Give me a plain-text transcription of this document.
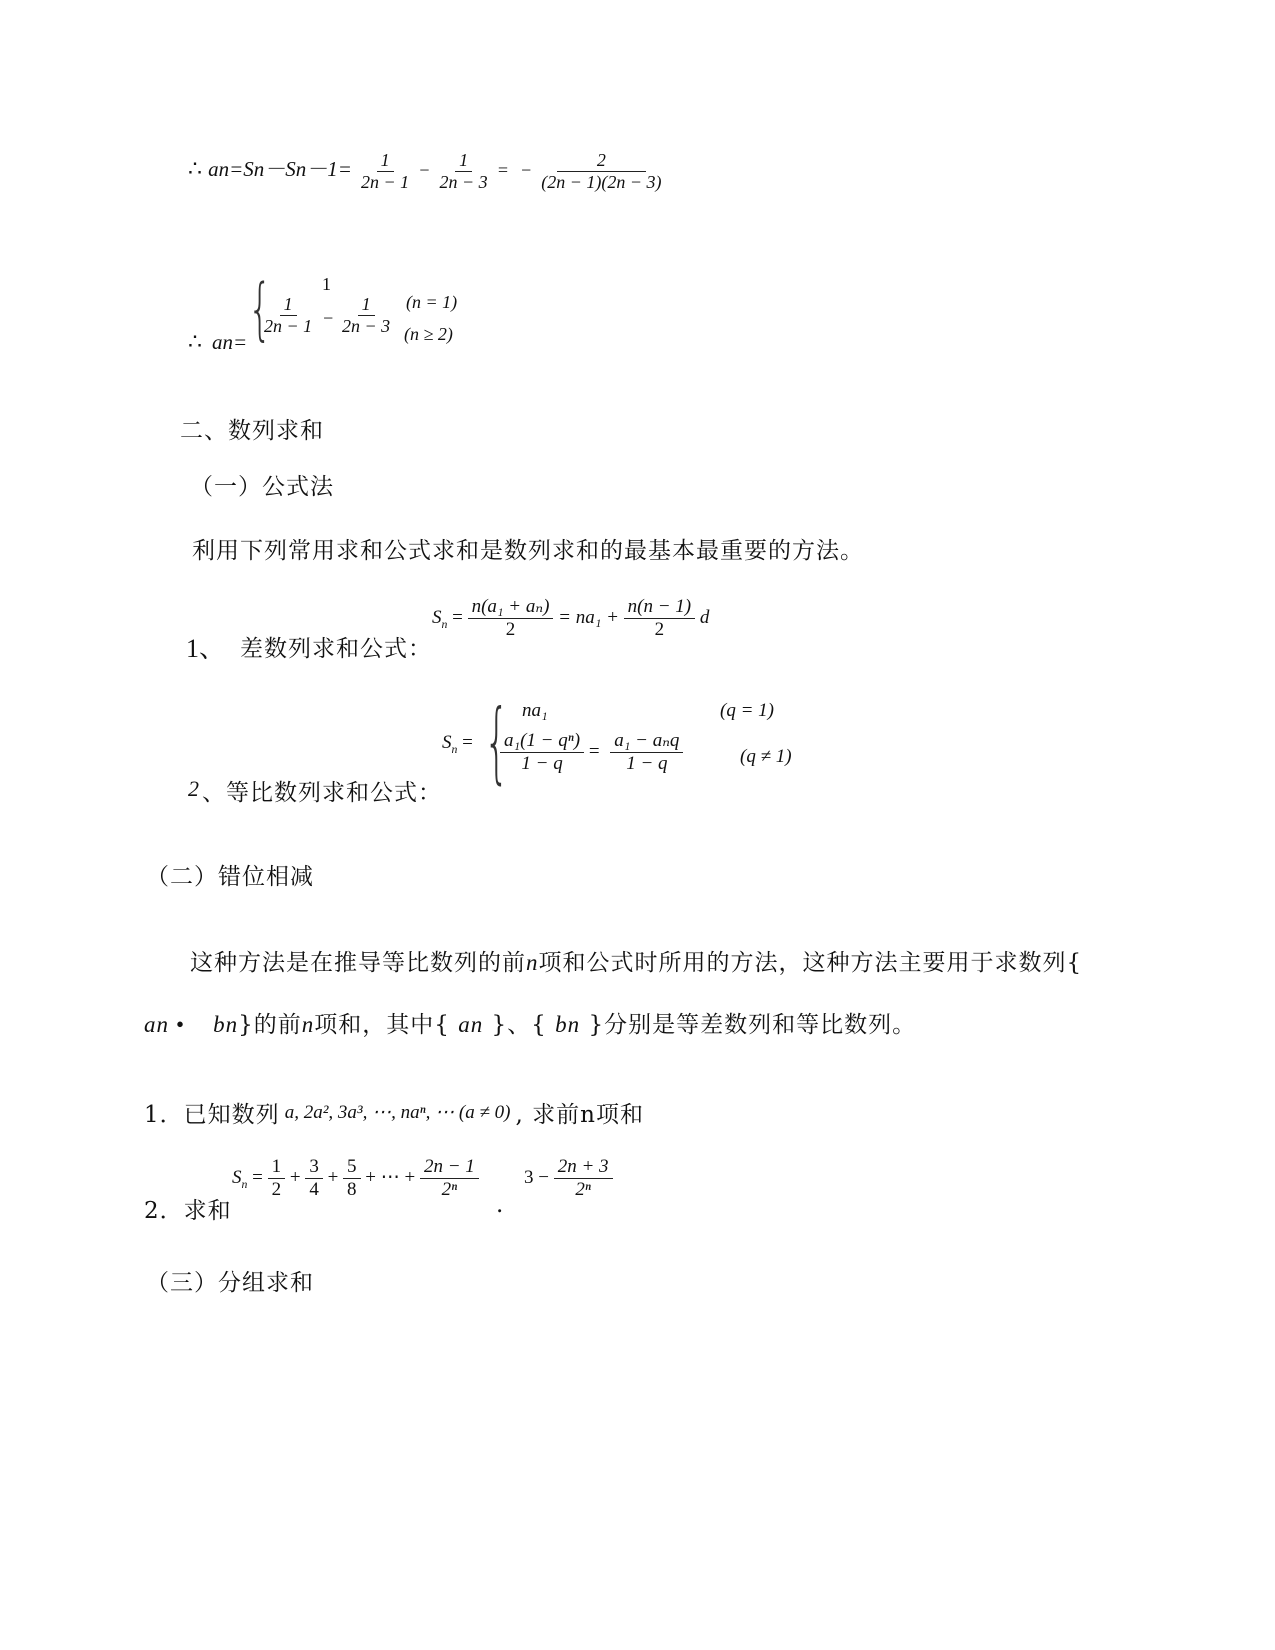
∴ $an=Sn-Sn-1= \frac{1}{2n - 1} - \frac{1}{2n - 3}$ = − $\frac{2}{(2n - 1)(2n - 3)}$
∴ an= {	1
(n = 1)
$\frac{1}{2n - 1} - \frac{1}{2n - 3} (n \ge 2)$
二、数列求和
（一）公式法
利用下列常用求和公式求和是数列求和的最基本最重要的方法。
1、 差数列求和公式：
$S_n = \frac{\text{n(a₁ + aₙ)}}{2} = na_1 + \frac{n(n - 1)}{2}$ d
2 、等比数列求和公式：
$S_n$ = { na₁	(q = 1)
$\frac{\text{a₁(1 − qⁿ)}}{1 - q} = \frac{\text{a₁ − aₙq}}{1 - q}$	(q ≠ 1)
（二）错位相减
这种方法是在推导等比数列的前n项和公式时所用的方法，这种方法主要用于求数列{
an • bn}的前n项和，其中{ an }、{ bn }分别是等差数列和等比数列。
1．已知数列 a, 2a², 3a³, ⋯, naⁿ, ⋯ (a ≠ 0) , 求前n项和
2．求和
$S_n = \frac{1}{2} + \frac{3}{4} + \frac{5}{8}$ + ⋯ + $\frac{2n - 1}{\text{2ⁿ}}$
.
$3 - \frac{2n + 3}{\text{2ⁿ}}$
（三）分组求和
